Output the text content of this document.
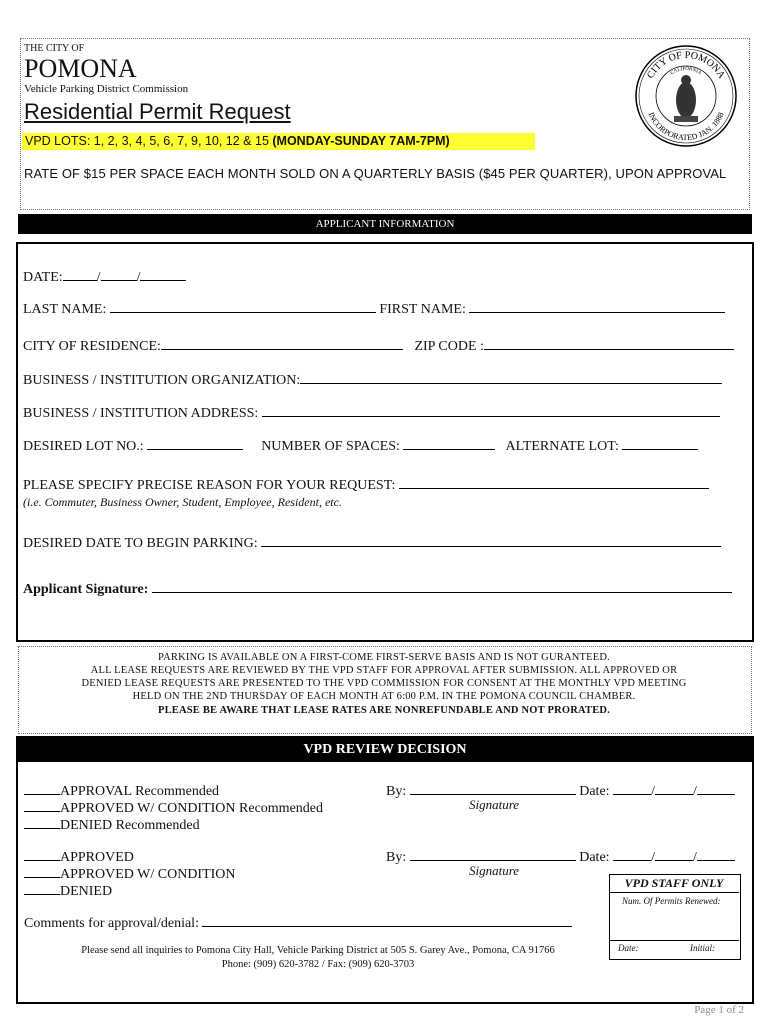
THE CITY OF
POMONA
Vehicle Parking District Commission
Residential Permit Request
VPD LOTS: 1, 2, 3, 4, 5, 6, 7, 9, 10, 12 & 15 (MONDAY-SUNDAY 7AM-7PM)
RATE OF $15 PER SPACE EACH MONTH SOLD ON A QUARTERLY BASIS ($45 PER QUARTER), UPON APPROVAL
CITY OF POMONA
CALIFORNIA
INCORPORATED JAN. 1888
APPLICANT INFORMATION
DATE: /	/
LAST NAME:	FIRST NAME:
CITY OF RESIDENCE:	ZIP CODE :
BUSINESS / INSTITUTION ORGANIZATION:
BUSINESS / INSTITUTION ADDRESS:
DESIRED LOT NO.:	NUMBER OF SPACES:	ALTERNATE LOT:
PLEASE SPECIFY PRECISE REASON FOR YOUR REQUEST:
(i.e. Commuter, Business Owner, Student, Employee, Resident, etc.
DESIRED DATE TO BEGIN PARKING:
Applicant Signature:
PARKING IS AVAILABLE ON A FIRST-COME FIRST-SERVE BASIS AND IS NOT GURANTEED.
ALL LEASE REQUESTS ARE REVIEWED BY THE VPD STAFF FOR APPROVAL AFTER SUBMISSION. ALL APPROVED OR
DENIED LEASE REQUESTS ARE PRESENTED TO THE VPD COMMISSION FOR CONSENT AT THE MONTHLY VPD MEETING
HELD ON THE 2ND THURSDAY OF EACH MONTH AT 6:00 P.M. IN THE POMONA COUNCIL CHAMBER.
PLEASE BE AWARE THAT LEASE RATES ARE NONREFUNDABLE AND NOT PRORATED.
VPD REVIEW DECISION
APPROVAL Recommended
APPROVED W/ CONDITION Recommended
DENIED Recommended
By:	Date:	/	/
Signature
APPROVED
APPROVED W/ CONDITION
DENIED
By:	Date:	/	/
Signature
VPD STAFF ONLY
Num. Of Permits Renewed:
Date:	Initial:
Comments for approval/denial:
Please send all inquiries to Pomona City Hall, Vehicle Parking District at 505 S. Garey Ave., Pomona, CA 91766
Phone: (909) 620-3782 / Fax: (909) 620-3703
Page 1 of 2
